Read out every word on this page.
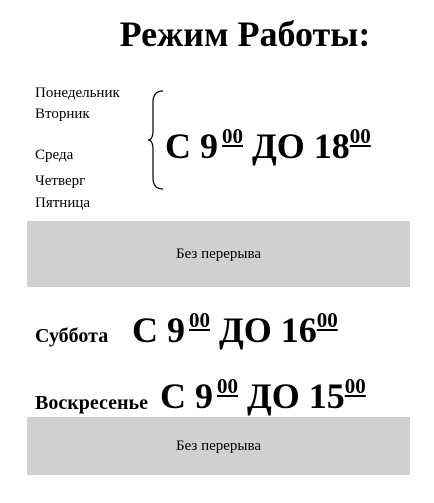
Режим Работы:
Понедельник
Вторник
Среда
Четверг
Пятница
С 9 $^{00}$ ДО $18^{00}$
Без перерыва
Суббота С 9 $^{00}$ ДО $16^{00}$
Воскресенье С 9 $^{00}$ ДО $15^{00}$
Без перерыва
